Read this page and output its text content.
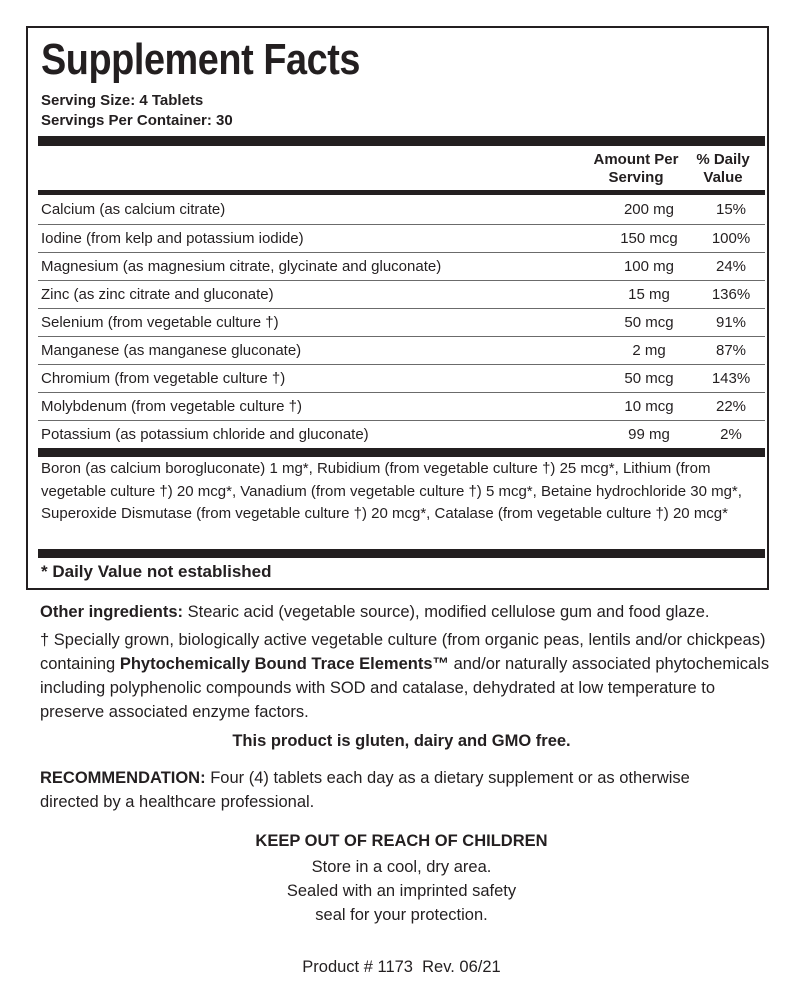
Supplement Facts
Serving Size: 4 Tablets
Servings Per Container: 30
Amount Per Serving
% Daily Value
Calcium (as calcium citrate)	200 mg	15%
Iodine (from kelp and potassium iodide)	150 mcg	100%
Magnesium (as magnesium citrate, glycinate and gluconate)	100 mg	24%
Zinc (as zinc citrate and gluconate)	15 mg	136%
Selenium (from vegetable culture †)	50 mcg	91%
Manganese (as manganese gluconate)	2 mg	87%
Chromium (from vegetable culture †)	50 mcg	143%
Molybdenum (from vegetable culture †)	10 mcg	22%
Potassium (as potassium chloride and gluconate)	99 mg	2%
Boron (as calcium borogluconate) 1 mg*, Rubidium (from vegetable culture †) 25 mcg*, Lithium (from vegetable culture †) 20 mcg*, Vanadium (from vegetable culture †) 5 mcg*, Betaine hydrochloride 30 mg*, Superoxide Dismutase (from vegetable culture †) 20 mcg*, Catalase (from vegetable culture †) 20 mcg*
* Daily Value not established

Other ingredients: Stearic acid (vegetable source), modified cellulose gum and food glaze.

† Specially grown, biologically active vegetable culture (from organic peas, lentils and/or chickpeas) containing Phytochemically Bound Trace Elements™ and/or naturally associated phytochemicals including polyphenolic compounds with SOD and catalase, dehydrated at low temperature to preserve associated enzyme factors.

This product is gluten, dairy and GMO free.

RECOMMENDATION: Four (4) tablets each day as a dietary supplement or as otherwise directed by a healthcare professional.

KEEP OUT OF REACH OF CHILDREN
Store in a cool, dry area.
Sealed with an imprinted safety
seal for your protection.
Product # 1173  Rev. 06/21
